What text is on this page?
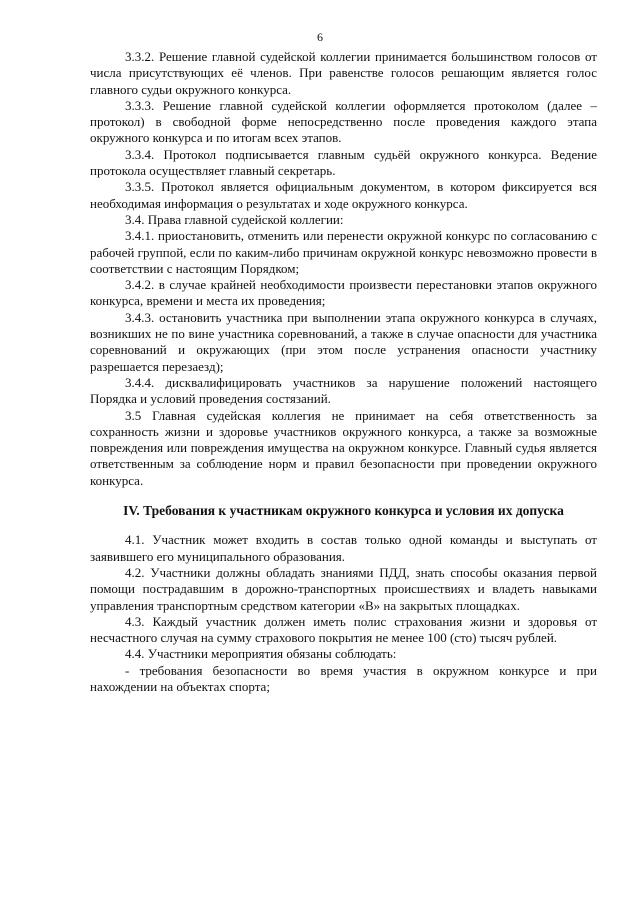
6

3.3.2. Решение главной судейской коллегии принимается большинством голосов от числа присутствующих её членов. При равенстве голосов решающим является голос главного судьи окружного конкурса.

3.3.3. Решение главной судейской коллегии оформляется протоколом (далее – протокол) в свободной форме непосредственно после проведения каждого этапа окружного конкурса и по итогам всех этапов.

3.3.4. Протокол подписывается главным судьёй окружного конкурса. Ведение протокола осуществляет главный секретарь.

3.3.5. Протокол является официальным документом, в котором фиксируется вся необходимая информация о результатах и ходе окружного конкурса.

3.4. Права главной судейской коллегии:

3.4.1. приостановить, отменить или перенести окружной конкурс по согласованию с рабочей группой, если по каким-либо причинам окружной конкурс невозможно провести в соответствии с настоящим Порядком;

3.4.2. в случае крайней необходимости произвести перестановки этапов окружного конкурса, времени и места их проведения;

3.4.3. остановить участника при выполнении этапа окружного конкурса в случаях, возникших не по вине участника соревнований, а также в случае опасности для участника соревнований и окружающих (при этом после устранения опасности участнику разрешается перезаезд);

3.4.4. дисквалифицировать участников за нарушение положений настоящего Порядка и условий проведения состязаний.

3.5 Главная судейская коллегия не принимает на себя ответственность за сохранность жизни и здоровье участников окружного конкурса, а также за возможные повреждения или повреждения имущества на окружном конкурсе. Главный судья является ответственным за соблюдение норм и правил безопасности при проведении окружного конкурса.

IV. Требования к участникам окружного конкурса и условия их допуска

4.1. Участник может входить в состав только одной команды и выступать от заявившего его муниципального образования.

4.2. Участники должны обладать знаниями ПДД, знать способы оказания первой помощи пострадавшим в дорожно-транспортных происшествиях и владеть навыками управления транспортным средством категории «В» на закрытых площадках.

4.3. Каждый участник должен иметь полис страхования жизни и здоровья от несчастного случая на сумму страхового покрытия не менее 100 (сто) тысяч рублей.

4.4. Участники мероприятия обязаны соблюдать:

- требования безопасности во время участия в окружном конкурсе и при нахождении на объектах спорта;
